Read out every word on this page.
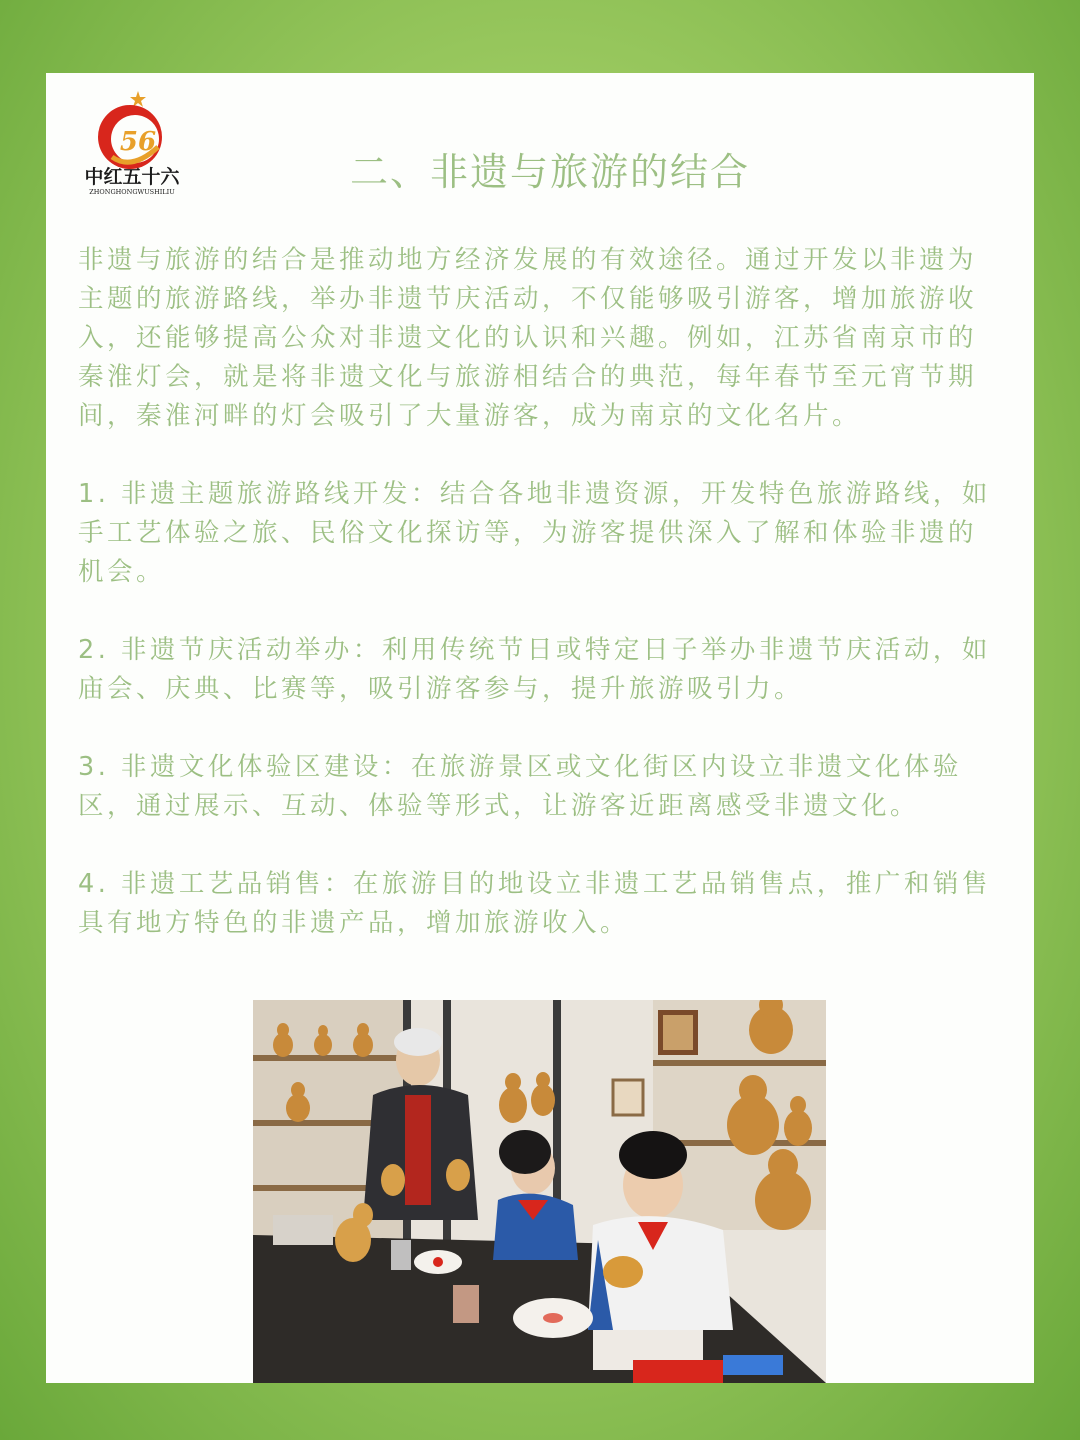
56
中红五十六
ZHONGHONGWUSHILIU	二、非遗与旅游的结合

非遗与旅游的结合是推动地方经济发展的有效途径。通过开发以非遗为主题的旅游路线，举办非遗节庆活动，不仅能够吸引游客，增加旅游收入，还能够提高公众对非遗文化的认识和兴趣。例如，江苏省南京市的秦淮灯会，就是将非遗文化与旅游相结合的典范，每年春节至元宵节期间，秦淮河畔的灯会吸引了大量游客，成为南京的文化名片。

1. 非遗主题旅游路线开发：结合各地非遗资源，开发特色旅游路线，如手工艺体验之旅、民俗文化探访等，为游客提供深入了解和体验非遗的机会。

2. 非遗节庆活动举办：利用传统节日或特定日子举办非遗节庆活动，如庙会、庆典、比赛等，吸引游客参与，提升旅游吸引力。

3. 非遗文化体验区建设：在旅游景区或文化街区内设立非遗文化体验区，通过展示、互动、体验等形式，让游客近距离感受非遗文化。

4. 非遗工艺品销售：在旅游目的地设立非遗工艺品销售点，推广和销售具有地方特色的非遗产品，增加旅游收入。
